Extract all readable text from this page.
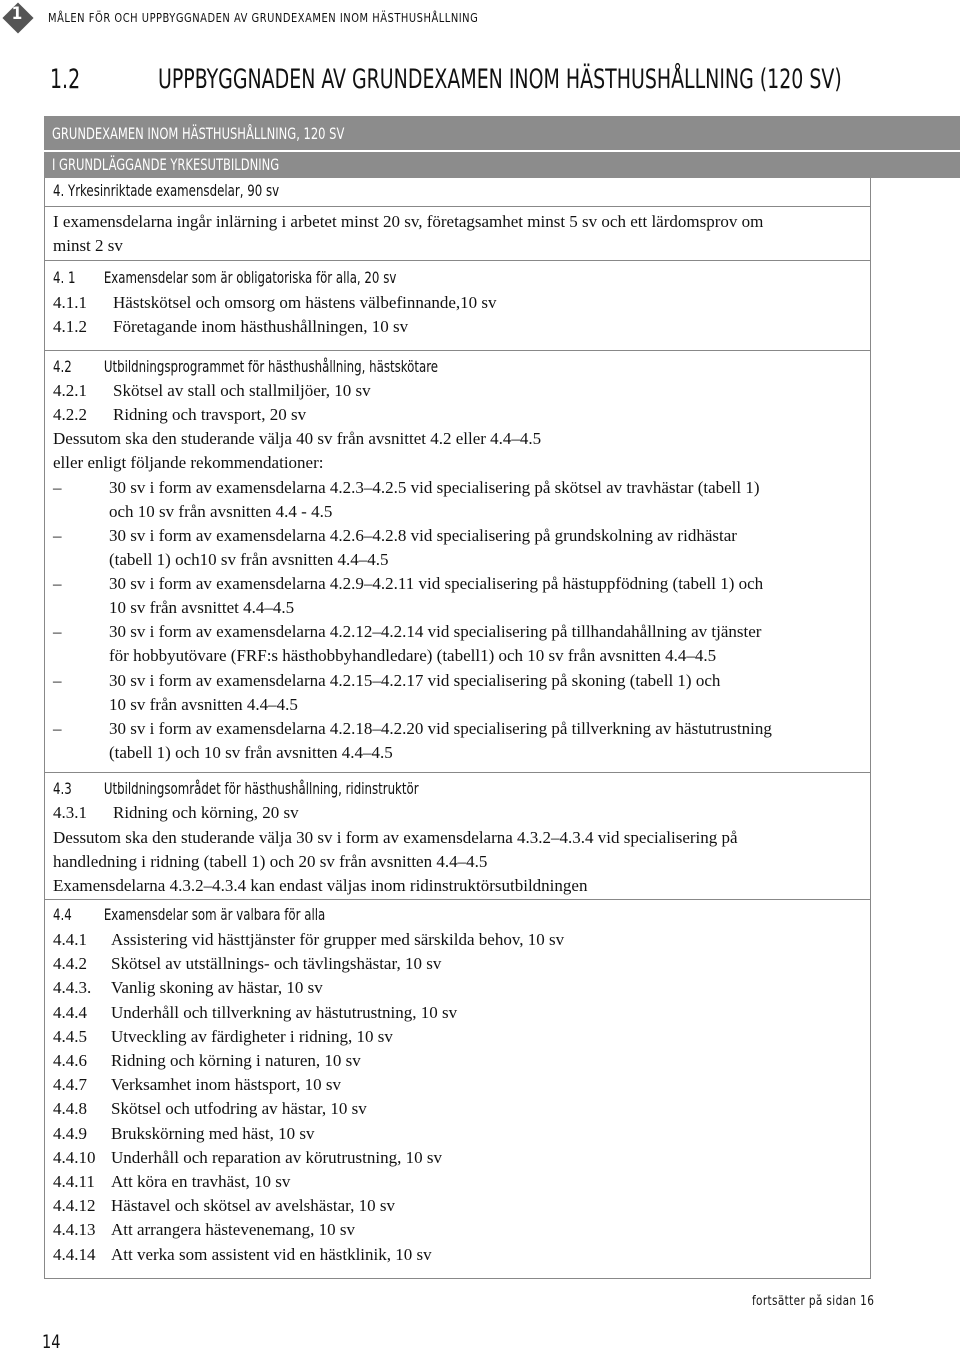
1	MÅLEN FÖR OCH UPPBYGGNADEN AV GRUNDEXAMEN INOM HÄSTHUSHÅLLNING
1.2	UPPBYGGNADEN AV GRUNDEXAMEN INOM HÄSTHUSHÅLLNING (120 SV)
GRUNDEXAMEN INOM HÄSTHUSHÅLLNING, 120 SV
I GRUNDLÄGGANDE YRKESUTBILDNING
4. Yrkesinriktade examensdelar, 90 sv
I examensdelarna ingår inlärning i arbetet minst 20 sv, företagsamhet minst 5 sv och ett lärdomsprov om
minst 2 sv
4. 1 Examensdelar som är obligatoriska för alla, 20 sv
4.1.1 Hästskötsel och omsorg om hästens välbefinnande,10 sv
4.1.2 Företagande inom hästhushållningen, 10 sv
4.2 Utbildningsprogrammet för hästhushållning, hästskötare
4.2.1 Skötsel av stall och stallmiljöer, 10 sv
4.2.2 Ridning och travsport, 20 sv
Dessutom ska den studerande välja 40 sv från avsnittet 4.2 eller 4.4–4.5
eller enligt följande rekommendationer:
–	30 sv i form av examensdelarna 4.2.3–4.2.5 vid specialisering på skötsel av travhästar (tabell 1)
och 10 sv från avsnitten 4.4 - 4.5
–	30 sv i form av examensdelarna 4.2.6–4.2.8 vid specialisering på grundskolning av ridhästar
(tabell 1) och10 sv från avsnitten 4.4–4.5
–	30 sv i form av examensdelarna 4.2.9–4.2.11 vid specialisering på hästuppfödning (tabell 1) och
10 sv från avsnittet 4.4–4.5
–	30 sv i form av examensdelarna 4.2.12–4.2.14 vid specialisering på tillhandahållning av tjänster
för hobbyutövare (FRF:s hästhobbyhandledare) (tabell1) och 10 sv från avsnitten 4.4–4.5
–	30 sv i form av examensdelarna 4.2.15–4.2.17 vid specialisering på skoning (tabell 1) och
10 sv från avsnitten 4.4–4.5
–	30 sv i form av examensdelarna 4.2.18–4.2.20 vid specialisering på tillverkning av hästutrustning
(tabell 1) och 10 sv från avsnitten 4.4–4.5
4.3 Utbildningsområdet för hästhushållning, ridinstruktör
4.3.1 Ridning och körning, 20 sv
Dessutom ska den studerande välja 30 sv i form av examensdelarna 4.3.2–4.3.4 vid specialisering på
handledning i ridning (tabell 1) och 20 sv från avsnitten 4.4–4.5
Examensdelarna 4.3.2–4.3.4 kan endast väljas inom ridinstruktörsutbildningen
4.4 Examensdelar som är valbara för alla
4.4.1 Assistering vid hästtjänster för grupper med särskilda behov, 10 sv
4.4.2 Skötsel av utställnings- och tävlingshästar, 10 sv
4.4.3. Vanlig skoning av hästar, 10 sv
4.4.4 Underhåll och tillverkning av hästutrustning, 10 sv
4.4.5 Utveckling av färdigheter i ridning, 10 sv
4.4.6 Ridning och körning i naturen, 10 sv
4.4.7 Verksamhet inom hästsport, 10 sv
4.4.8 Skötsel och utfodring av hästar, 10 sv
4.4.9 Brukskörning med häst, 10 sv
4.4.10 Underhåll och reparation av körutrustning, 10 sv
4.4.11 Att köra en travhäst, 10 sv
4.4.12 Hästavel och skötsel av avelshästar, 10 sv
4.4.13 Att arrangera hästevenemang, 10 sv
4.4.14 Att verka som assistent vid en hästklinik, 10 sv
fortsätter på sidan 16
14
